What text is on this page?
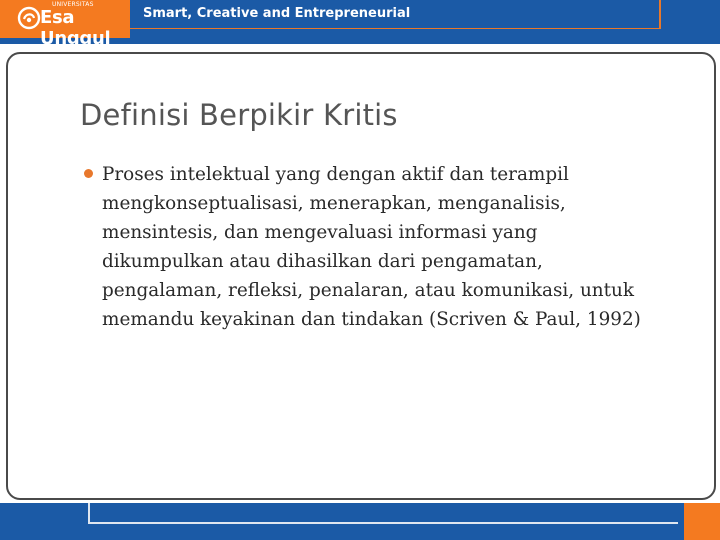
UNIVERSITAS
Esa Unggul
Smart, Creative and Entrepreneurial
Definisi Berpikir Kritis
Proses intelektual yang dengan aktif dan terampil mengkonseptualisasi, menerapkan, menganalisis, mensintesis, dan mengevaluasi informasi yang dikumpulkan atau dihasilkan dari pengamatan, pengalaman, refleksi, penalaran, atau komunikasi, untuk memandu keyakinan dan tindakan (Scriven & Paul, 1992)
